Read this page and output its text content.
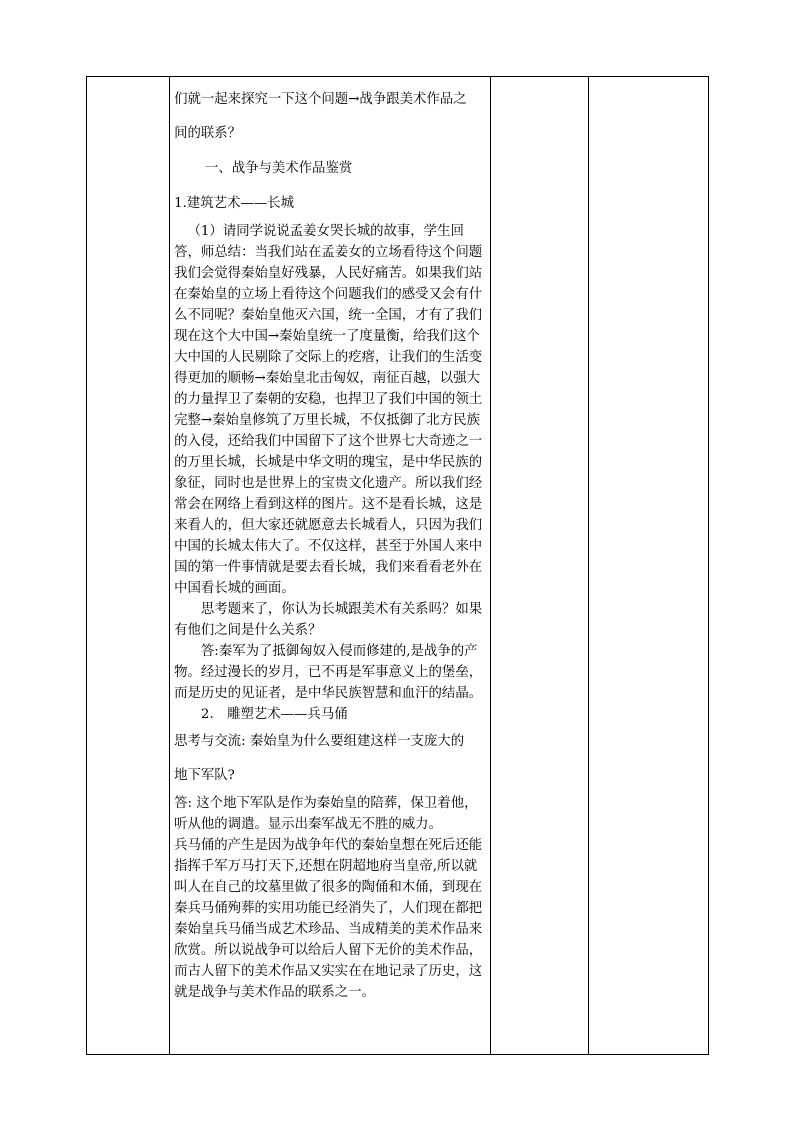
们就一起来探究一下这个问题→战争跟美术作品之

间的联系？

一、战争与美术作品鉴赏

1.建筑艺术——长城

（1）请同学说说孟姜女哭长城的故事，学生回答，师总结：当我们站在孟姜女的立场看待这个问题我们会觉得秦始皇好残暴，人民好痛苦。如果我们站在秦始皇的立场上看待这个问题我们的感受又会有什么不同呢？秦始皇他灭六国，统一全国，才有了我们现在这个大中国→秦始皇统一了度量衡，给我们这个大中国的人民剔除了交际上的疙瘩，让我们的生活变得更加的顺畅→秦始皇北击匈奴，南征百越，以强大的力量捍卫了秦朝的安稳，也捍卫了我们中国的领土完整→秦始皇修筑了万里长城，不仅抵御了北方民族的入侵，还给我们中国留下了这个世界七大奇迹之一的万里长城，长城是中华文明的瑰宝，是中华民族的象征，同时也是世界上的宝贵文化遗产。所以我们经常会在网络上看到这样的图片。这不是看长城，这是来看人的，但大家还就愿意去长城看人，只因为我们中国的长城太伟大了。不仅这样，甚至于外国人来中国的第一件事情就是要去看长城，我们来看看老外在中国看长城的画面。

思考题来了，你认为长城跟美术有关系吗？如果有他们之间是什么关系？

答:秦军为了抵御匈奴入侵而修建的,是战争的产物。经过漫长的岁月，已不再是军事意义上的堡垒，而是历史的见证者，是中华民族智慧和血汗的结晶。

2.　雕塑艺术——兵马俑

思考与交流: 秦始皇为什么要组建这样一支庞大的

地下军队?

答: 这个地下军队是作为秦始皇的陪葬，保卫着他，听从他的调遣。显示出秦军战无不胜的威力。

兵马俑的产生是因为战争年代的秦始皇想在死后还能指挥千军万马打天下,还想在阴超地府当皇帝,所以就叫人在自己的坟墓里做了很多的陶俑和木俑，到现在秦兵马俑殉葬的实用功能已经消失了，人们现在都把秦始皇兵马俑当成艺术珍品、当成精美的美术作品来欣赏。所以说战争可以给后人留下无价的美术作品，而古人留下的美术作品又实实在在地记录了历史，这就是战争与美术作品的联系之一。
